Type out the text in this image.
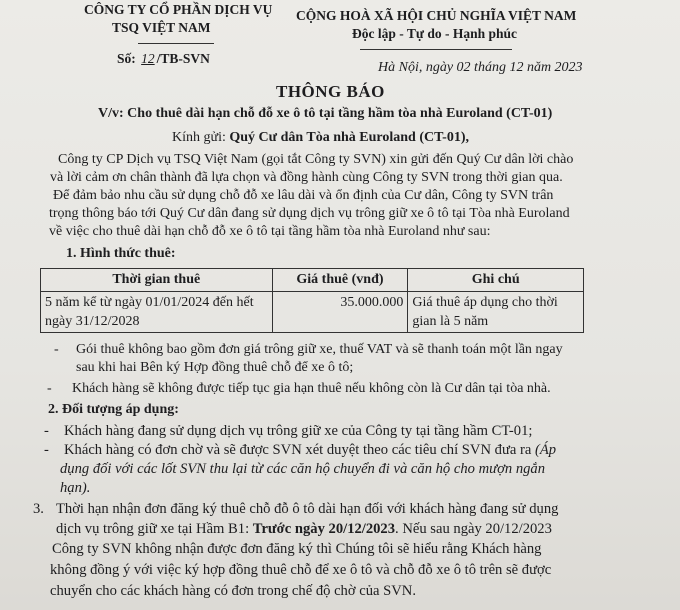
CÔNG TY CỔ PHẦN DỊCH VỤ
TSQ VIỆT NAM
Số: 12 /TB-SVN
CỘNG HOÀ XÃ HỘI CHỦ NGHĨA VIỆT NAM
Độc lập - Tự do - Hạnh phúc
Hà Nội, ngày 02 tháng 12 năm 2023
THÔNG BÁO
V/v: Cho thuê dài hạn chỗ đỗ xe ô tô tại tầng hầm tòa nhà Euroland (CT-01)
Kính gửi: Quý Cư dân Tòa nhà Euroland (CT-01),
Công ty CP Dịch vụ TSQ Việt Nam (gọi tắt Công ty SVN) xin gửi đến Quý Cư dân lời chào
và lời cảm ơn chân thành đã lựa chọn và đồng hành cùng Công ty SVN trong thời gian qua.
Để đảm bảo nhu cầu sử dụng chỗ đỗ xe lâu dài và ổn định của Cư dân, Công ty SVN trân
trọng thông báo tới Quý Cư dân đang sử dụng dịch vụ trông giữ xe ô tô tại Tòa nhà Euroland
về việc cho thuê dài hạn chỗ đỗ xe ô tô tại tầng hầm tòa nhà Euroland như sau:
1. Hình thức thuê:
Thời gian thuê	Giá thuê (vnđ)	Ghi chú
5 năm kể từ ngày 01/01/2024 đến hết ngày 31/12/2028	35.000.000	Giá thuê áp dụng cho thời gian là 5 năm
- Gói thuê không bao gồm đơn giá trông giữ xe, thuế VAT và sẽ thanh toán một lần ngay
sau khi hai Bên ký Hợp đồng thuê chỗ để xe ô tô;
- Khách hàng sẽ không được tiếp tục gia hạn thuê nếu không còn là Cư dân tại tòa nhà.
2. Đối tượng áp dụng:
- Khách hàng đang sử dụng dịch vụ trông giữ xe của Công ty tại tầng hầm CT-01;
- Khách hàng có đơn chờ và sẽ được SVN xét duyệt theo các tiêu chí SVN đưa ra (Áp
dụng đối với các lốt SVN thu lại từ các căn hộ chuyển đi và căn hộ cho mượn ngắn
hạn).
3. Thời hạn nhận đơn đăng ký thuê chỗ đỗ ô tô dài hạn đối với khách hàng đang sử dụng
dịch vụ trông giữ xe tại Hầm B1: Trước ngày 20/12/2023. Nếu sau ngày 20/12/2023
Công ty SVN không nhận được đơn đăng ký thì Chúng tôi sẽ hiểu rằng Khách hàng
không đồng ý với việc ký hợp đồng thuê chỗ để xe ô tô và chỗ đỗ xe ô tô trên sẽ được
chuyển cho các khách hàng có đơn trong chế độ chờ của SVN.
